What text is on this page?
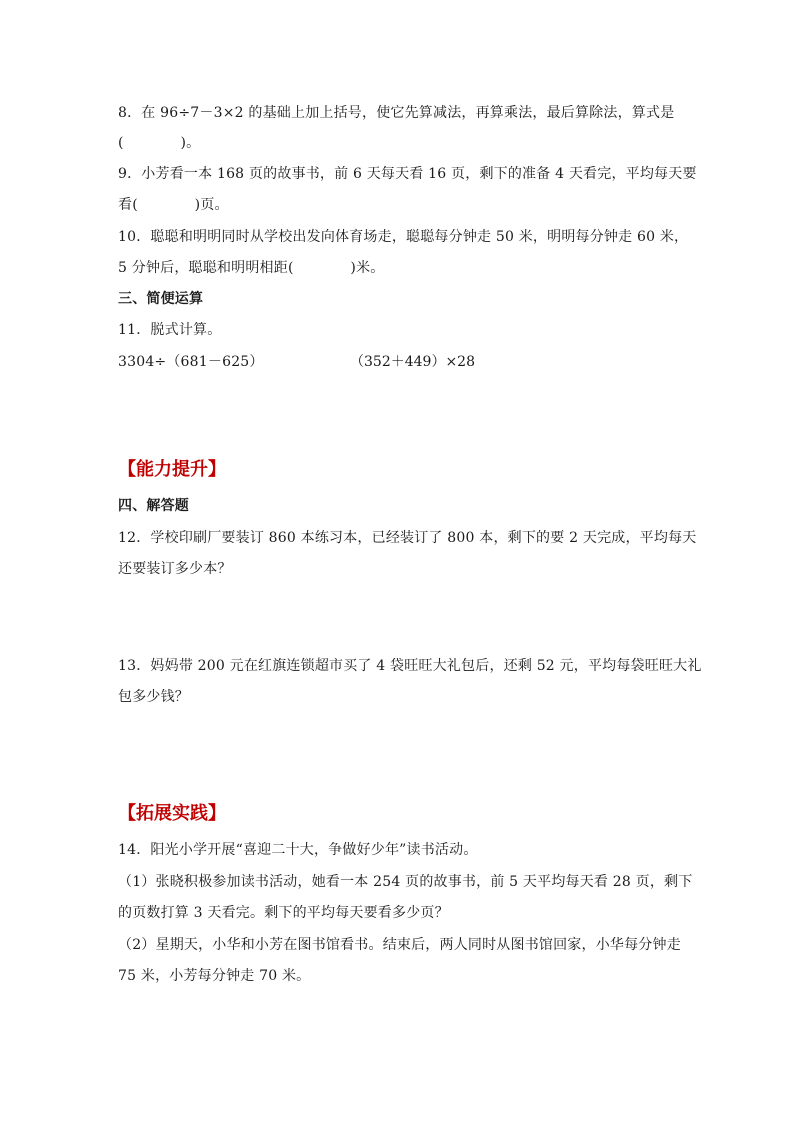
8．在 96÷7－3×2 的基础上加上括号，使它先算减法，再算乘法，最后算除法，算式是
(　　　　)。
9．小芳看一本 168 页的故事书，前 6 天每天看 16 页，剩下的准备 4 天看完，平均每天要
看(　　　　)页。
10．聪聪和明明同时从学校出发向体育场走，聪聪每分钟走 50 米，明明每分钟走 60 米，
5 分钟后，聪聪和明明相距(　　　　)米。
三、简便运算
11．脱式计算。
3304÷（681－625）	（352＋449）×28
【能力提升】
四、解答题
12．学校印刷厂要装订 860 本练习本，已经装订了 800 本，剩下的要 2 天完成，平均每天
还要装订多少本？
13．妈妈带 200 元在红旗连锁超市买了 4 袋旺旺大礼包后，还剩 52 元，平均每袋旺旺大礼
包多少钱？
【拓展实践】
14．阳光小学开展“喜迎二十大，争做好少年”读书活动。
（1）张晓积极参加读书活动，她看一本 254 页的故事书，前 5 天平均每天看 28 页，剩下
的页数打算 3 天看完。剩下的平均每天要看多少页？
（2）星期天，小华和小芳在图书馆看书。结束后，两人同时从图书馆回家，小华每分钟走
75 米，小芳每分钟走 70 米。
